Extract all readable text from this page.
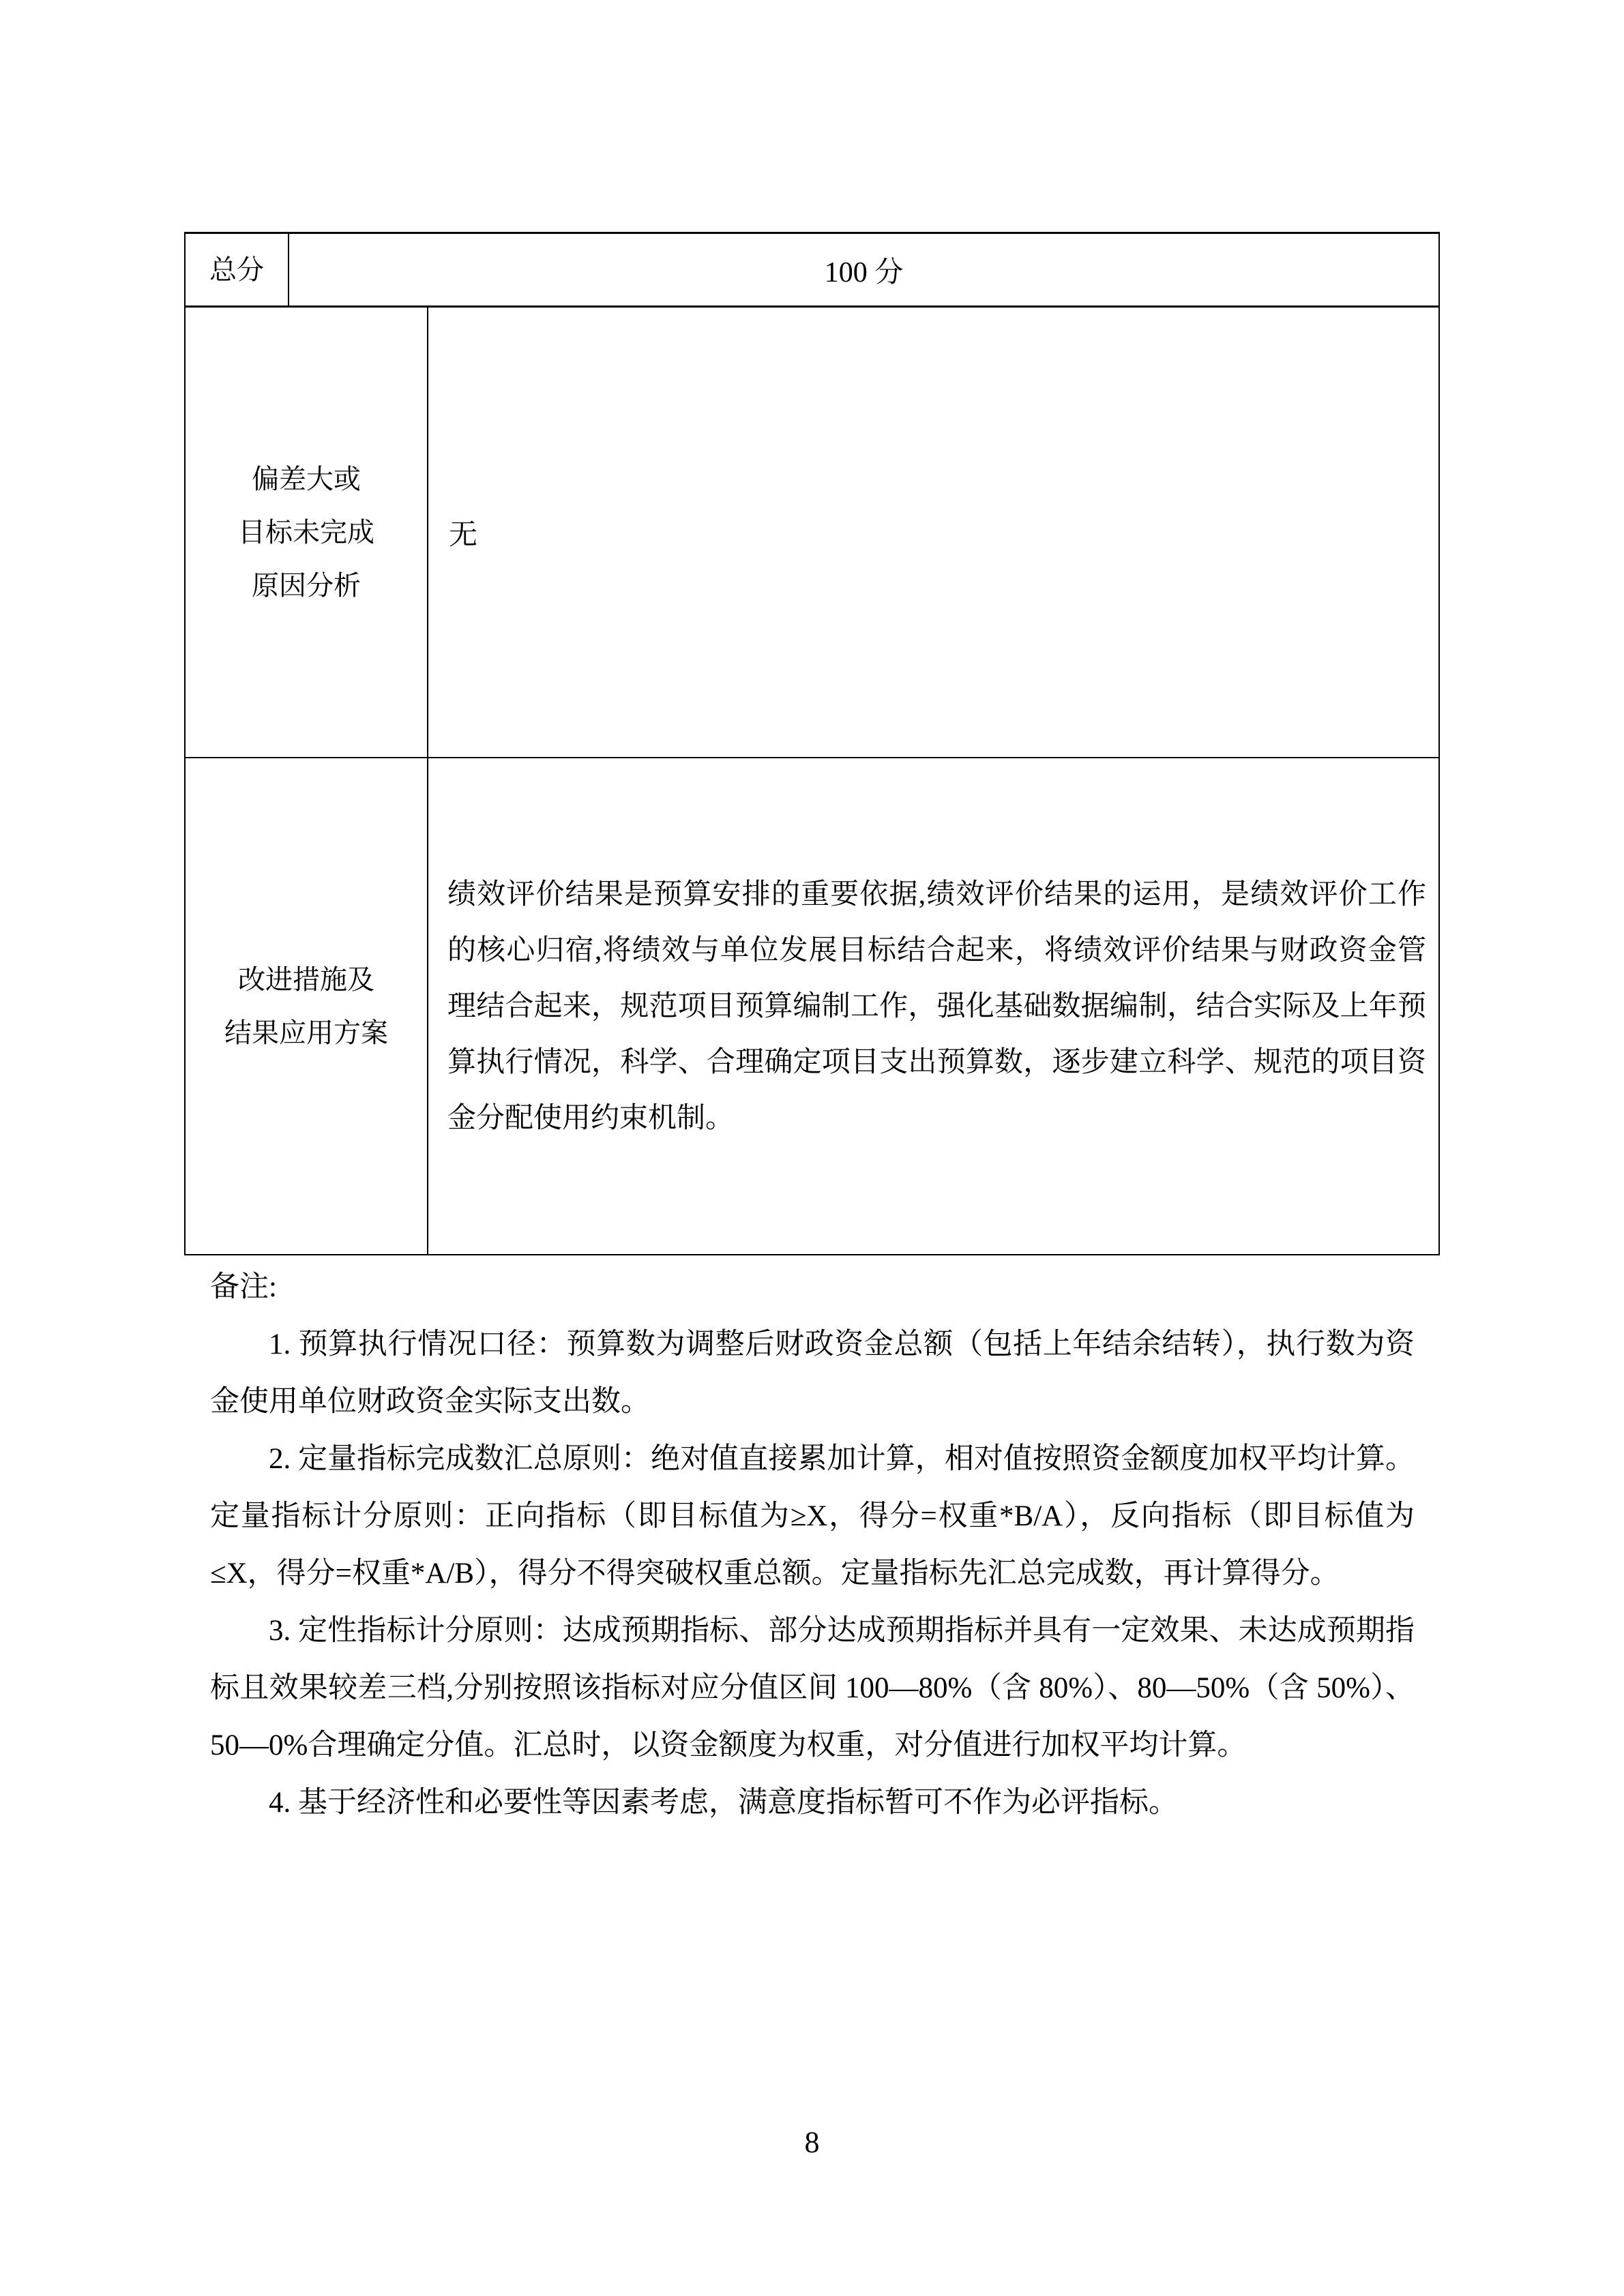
总分	100 分
偏差大或
目标未完成
原因分析
无
改进措施及
结果应用方案
绩效评价结果是预算安排的重要依据,绩效评价结果的运用，是绩效评价工作的核心归宿,将绩效与单位发展目标结合起来，将绩效评价结果与财政资金管理结合起来，规范项目预算编制工作，强化基础数据编制，结合实际及上年预算执行情况，科学、合理确定项目支出预算数，逐步建立科学、规范的项目资金分配使用约束机制。
备注:

1. 预算执行情况口径：预算数为调整后财政资金总额（包括上年结余结转），执行数为资金使用单位财政资金实际支出数。

2. 定量指标完成数汇总原则：绝对值直接累加计算，相对值按照资金额度加权平均计算。定量指标计分原则：正向指标（即目标值为≥X，得分=权重*B/A），反向指标（即目标值为≤X，得分=权重*A/B），得分不得突破权重总额。定量指标先汇总完成数，再计算得分。

3. 定性指标计分原则：达成预期指标、部分达成预期指标并具有一定效果、未达成预期指标且效果较差三档,分别按照该指标对应分值区间 100—80%（含 80%）、80—50%（含 50%）、50—0%合理确定分值。汇总时，以资金额度为权重，对分值进行加权平均计算。

4. 基于经济性和必要性等因素考虑，满意度指标暂可不作为必评指标。

8
